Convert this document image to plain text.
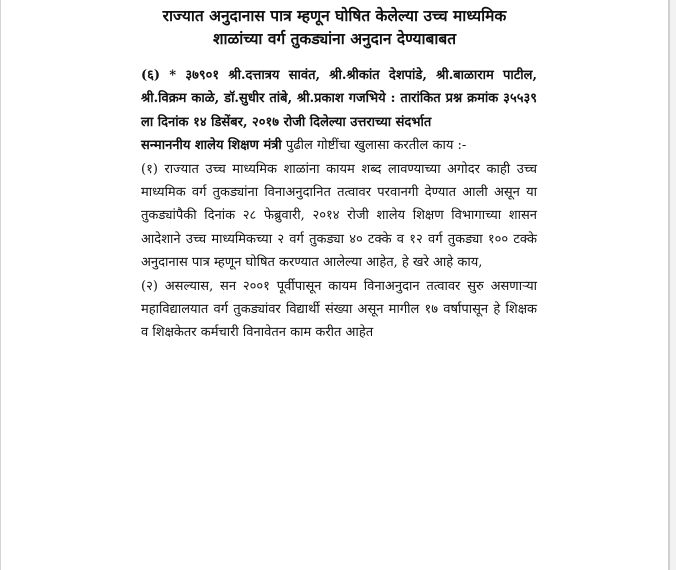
राज्यात अनुदानास पात्र म्हणून घोषित केलेल्या उच्च माध्यमिक
शाळांच्या वर्ग तुकड्यांना अनुदान देण्याबाबत

(६) * ३७९०१ श्री.दत्तात्रय सावंत, श्री.श्रीकांत देशपांडे, श्री.बाळाराम पाटील, श्री.विक्रम काळे, डॉ.सुधीर तांबे, श्री.प्रकाश गजभिये : तारांकित प्रश्न क्रमांक ३५५३९ ला दिनांक १४ डिसेंबर, २०१७ रोजी दिलेल्या उत्तराच्या संदर्भात

सन्माननीय शालेय शिक्षण मंत्री पुढील गोष्टींचा खुलासा करतील काय :-

(१) राज्यात उच्च माध्यमिक शाळांना कायम शब्द लावण्याच्या अगोदर काही उच्च माध्यमिक वर्ग तुकड्यांना विनाअनुदानित तत्वावर परवानगी देण्यात आली असून या तुकड्यांपैकी दिनांक २८ फेब्रुवारी, २०१४ रोजी शालेय शिक्षण विभागाच्या शासन आदेशाने उच्च माध्यमिकच्या २ वर्ग तुकड्या ४० टक्के व १२ वर्ग तुकड्या १०० टक्के अनुदानास पात्र म्हणून घोषित करण्यात आलेल्या आहेत, हे खरे आहे काय,

(२) असल्यास, सन २००१ पूर्वीपासून कायम विनाअनुदान तत्वावर सुरु असणाऱ्या महाविद्यालयात वर्ग तुकड्यांवर विद्यार्थी संख्या असून मागील १७ वर्षापासून हे शिक्षक व शिक्षकेतर कर्मचारी विनावेतन काम करीत आहेत
